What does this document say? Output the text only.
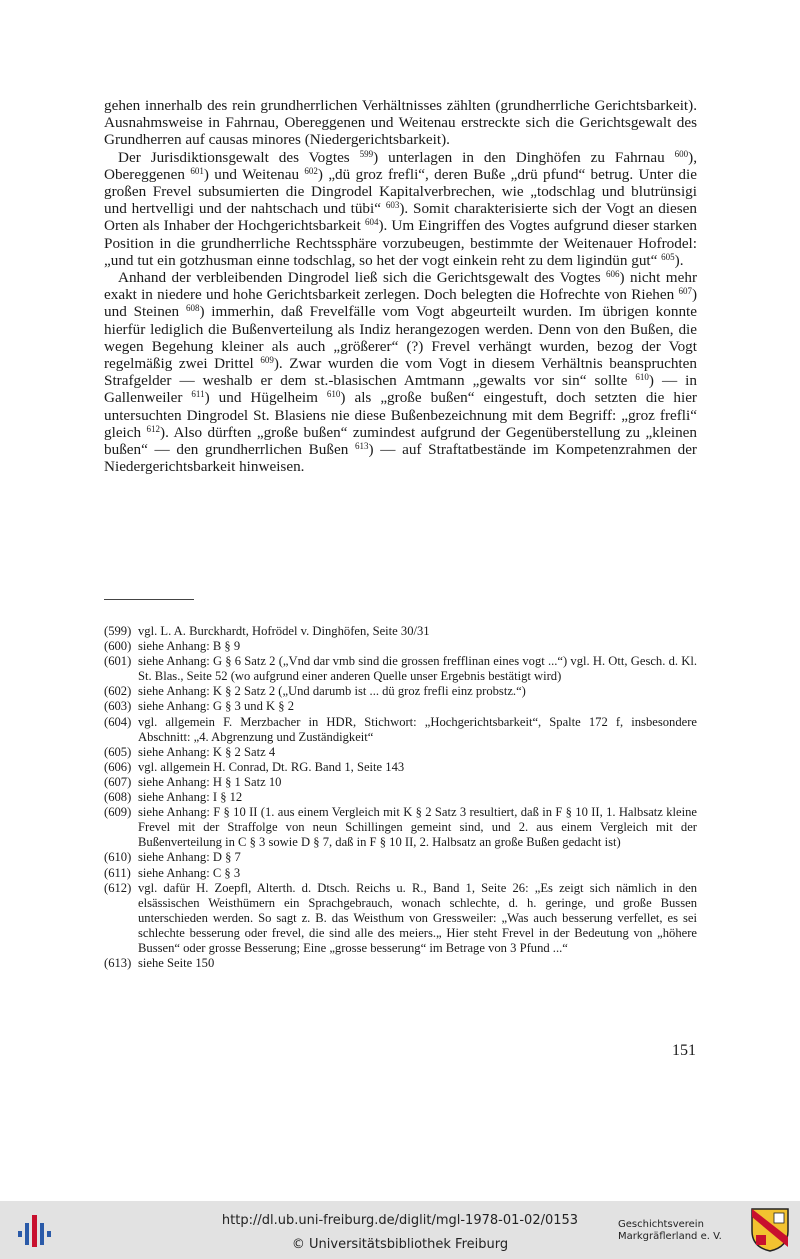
gehen innerhalb des rein grundherrlichen Verhältnisses zählten (grundherrliche Gerichtsbarkeit). Ausnahmsweise in Fahrnau, Obereggenen und Weitenau erstreckte sich die Gerichtsgewalt des Grundherren auf causas minores (Niedergerichtsbarkeit).

Der Jurisdiktionsgewalt des Vogtes $^{599}$) unterlagen in den Dinghöfen zu Fahrnau $^{600}$), Obereggenen $^{601}$) und Weitenau $^{602}$) „dü groz frefli“, deren Buße „drü pfund“ betrug. Unter die großen Frevel subsumierten die Dingrodel Kapitalverbrechen, wie „todschlag und blutrünsigi und hertvelligi und der nahtschach und tübi“ $^{603}$). Somit charakterisierte sich der Vogt an diesen Orten als Inhaber der Hochgerichtsbarkeit $^{604}$). Um Eingriffen des Vogtes aufgrund dieser starken Position in die grundherrliche Rechtssphäre vorzubeugen, bestimmte der Weitenauer Hofrodel: „und tut ein gotzhusman einne todschlag, so het der vogt einkein reht zu dem ligindün gut“ $^{605}$).

Anhand der verbleibenden Dingrodel ließ sich die Gerichtsgewalt des Vogtes $^{606}$) nicht mehr exakt in niedere und hohe Gerichtsbarkeit zerlegen. Doch belegten die Hofrechte von Riehen $^{607}$) und Steinen $^{608}$) immerhin, daß Frevelfälle vom Vogt abgeurteilt wurden. Im übrigen konnte hierfür lediglich die Bußenverteilung als Indiz herangezogen werden. Denn von den Bußen, die wegen Begehung kleiner als auch „größerer“ (?) Frevel verhängt wurden, bezog der Vogt regelmäßig zwei Drittel $^{609}$). Zwar wurden die vom Vogt in diesem Verhältnis beanspruchten Strafgelder — weshalb er dem st.-blasischen Amtmann „gewalts vor sin“ sollte $^{610}$) — in Gallenweiler $^{611}$) und Hügelheim $^{610}$) als „große bußen“ eingestuft, doch setzten die hier untersuchten Dingrodel St. Blasiens nie diese Bußenbezeichnung mit dem Begriff: „groz frefli“ gleich $^{612}$). Also dürften „große bußen“ zumindest aufgrund der Gegenüberstellung zu „kleinen bußen“ — den grundherrlichen Bußen $^{613}$) — auf Straftatbestände im Kompetenzrahmen der Niedergerichtsbarkeit hinweisen.

(599) vgl. L. A. Burckhardt, Hofrödel v. Dinghöfen, Seite 30/31
(600) siehe Anhang: B § 9
(601) siehe Anhang: G § 6 Satz 2 („Vnd dar vmb sind die grossen frefflinan eines vogt ...“) vgl. H. Ott, Gesch. d. Kl. St. Blas., Seite 52 (wo aufgrund einer anderen Quelle unser Ergebnis bestätigt wird)
(602) siehe Anhang: K § 2 Satz 2 („Und darumb ist ... dü groz frefli einz probstz.“)
(603) siehe Anhang: G § 3 und K § 2
(604) vgl. allgemein F. Merzbacher in HDR, Stichwort: „Hochgerichtsbarkeit“, Spalte 172 f, insbesondere Abschnitt: „4. Abgrenzung und Zuständigkeit“
(605) siehe Anhang: K § 2 Satz 4
(606) vgl. allgemein H. Conrad, Dt. RG. Band 1, Seite 143
(607) siehe Anhang: H § 1 Satz 10
(608) siehe Anhang: I § 12
(609) siehe Anhang: F § 10 II (1. aus einem Vergleich mit K § 2 Satz 3 resultiert, daß in F § 10 II, 1. Halbsatz kleine Frevel mit der Straffolge von neun Schillingen gemeint sind, und 2. aus einem Vergleich mit der Bußenverteilung in C § 3 sowie D § 7, daß in F § 10 II, 2. Halbsatz an große Bußen gedacht ist)
(610) siehe Anhang: D § 7
(611) siehe Anhang: C § 3
(612) vgl. dafür H. Zoepfl, Alterth. d. Dtsch. Reichs u. R., Band 1, Seite 26: „Es zeigt sich nämlich in den elsässischen Weisthümern ein Sprachgebrauch, wonach schlechte, d. h. geringe, und große Bussen unterschieden werden. So sagt z. B. das Weisthum von Gressweiler: „Was auch besserung verfellet, es sei schlechte besserung oder frevel, die sind alle des meiers.„ Hier steht Frevel in der Bedeutung von „höhere Bussen“ oder grosse Besserung; Eine „grosse besserung“ im Betrage von 3 Pfund ...“
(613) siehe Seite 150
151
http://dl.ub.uni-freiburg.de/diglit/mgl-1978-01-02/0153
© Universitätsbibliothek Freiburg
Geschichtsverein
Markgräflerland e. V.
